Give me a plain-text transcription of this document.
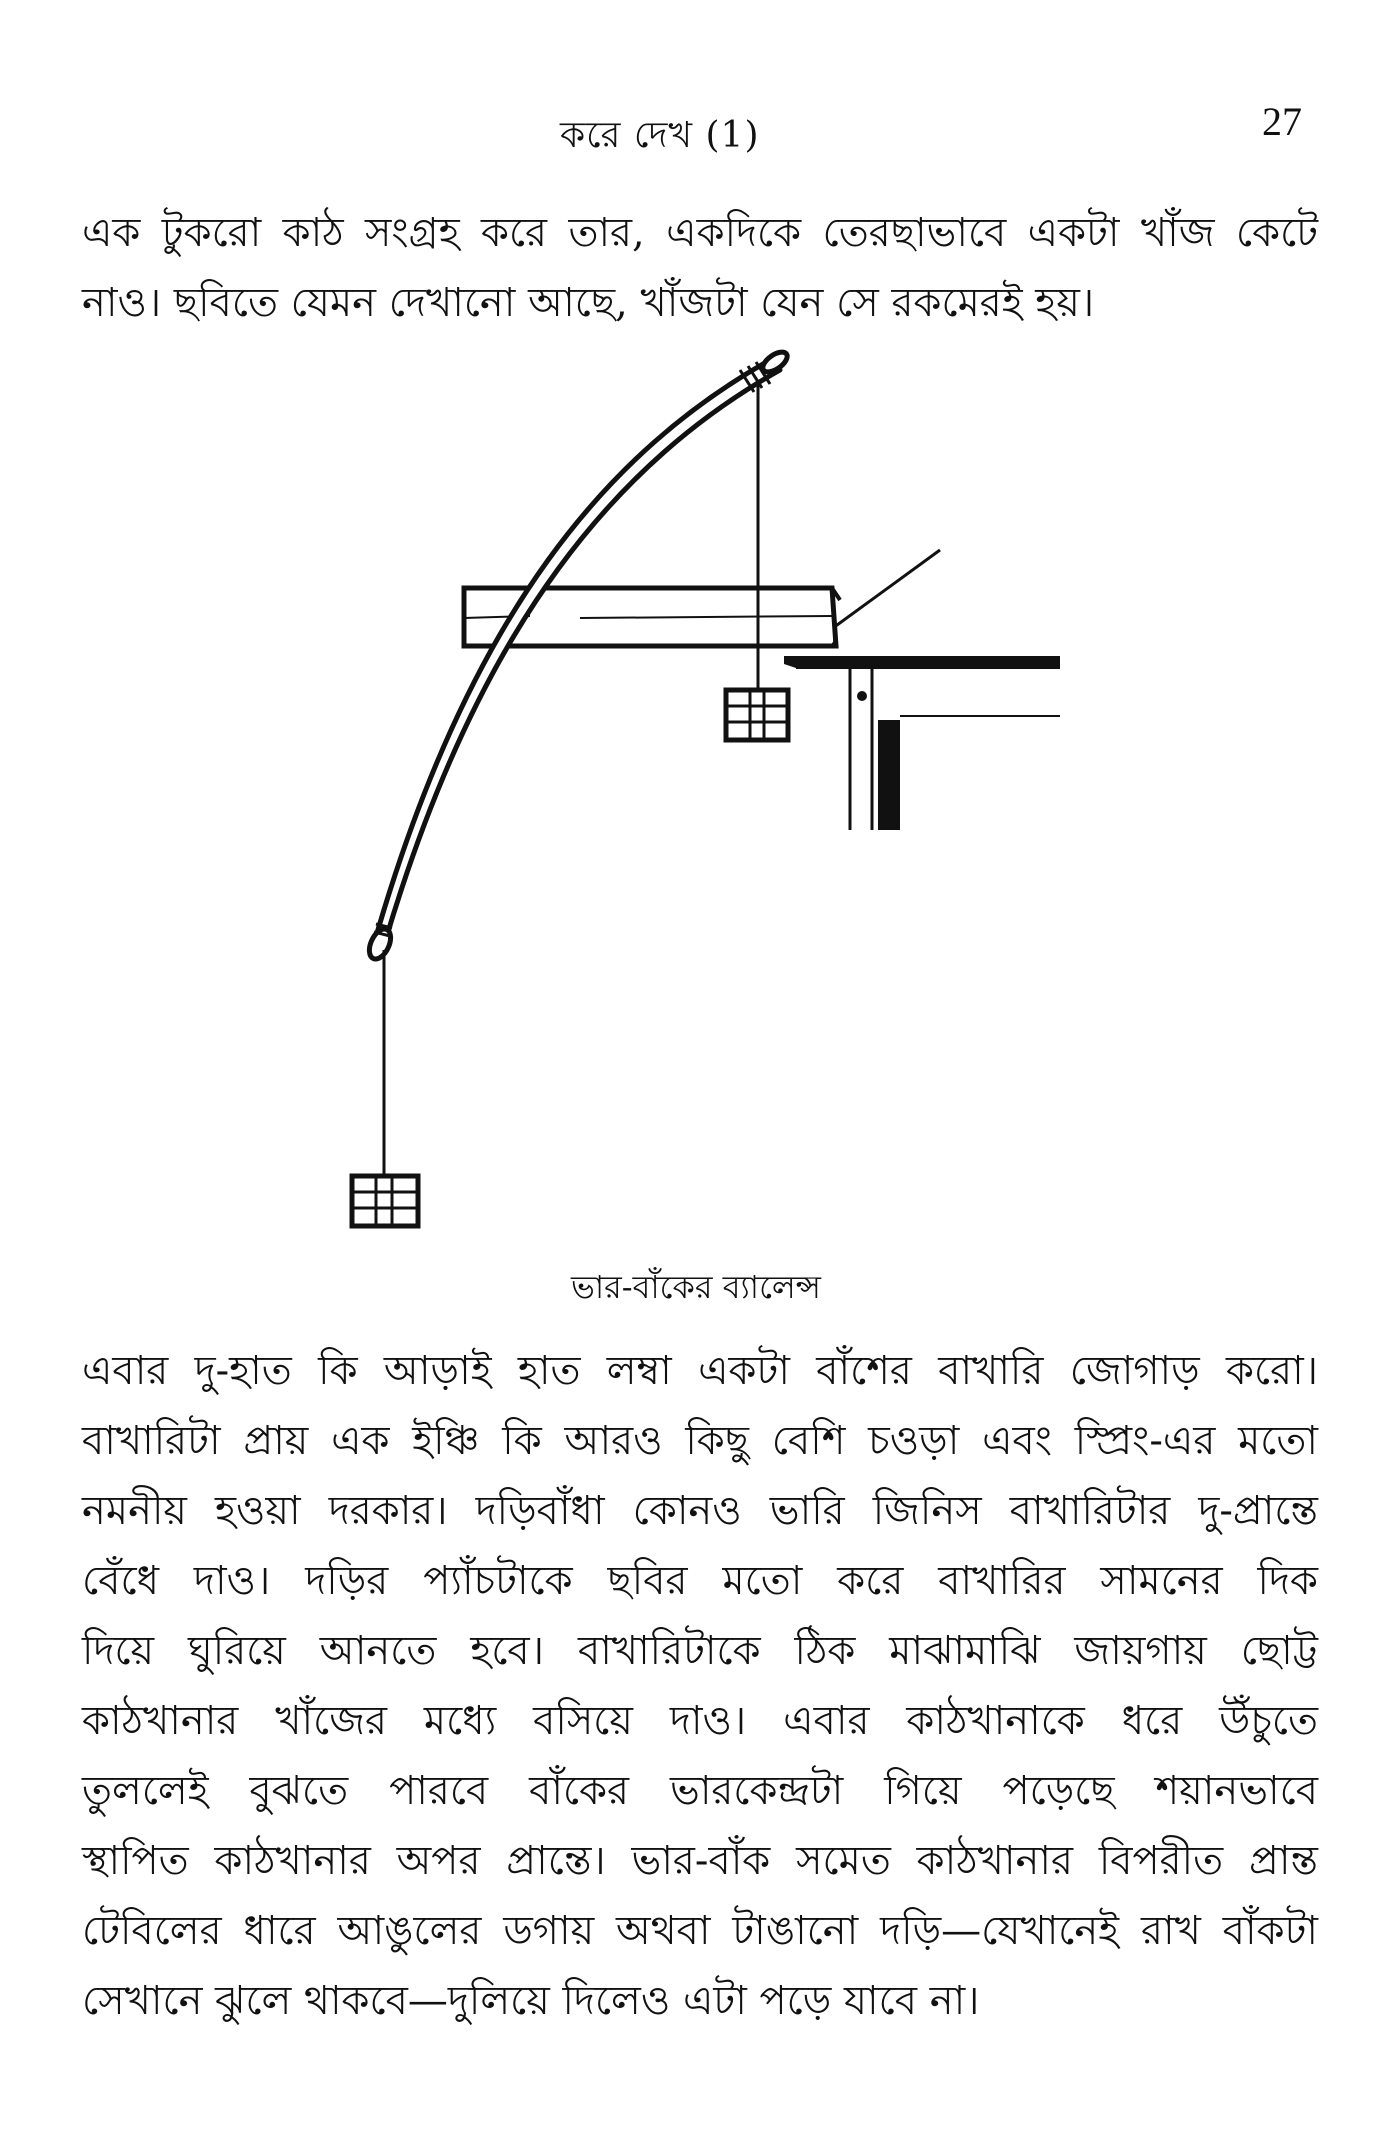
করে দেখ (1)	27
এক টুকরো কাঠ সংগ্রহ করে তার, একদিকে তেরছাভাবে একটা খাঁজ কেটে
নাও। ছবিতে যেমন দেখানো আছে, খাঁজটা যেন সে রকমেরই হয়।
ভার-বাঁকের ব্যালেন্স
এবার দু-হাত কি আড়াই হাত লম্বা একটা বাঁশের বাখারি জোগাড় করো।
বাখারিটা প্রায় এক ইঞ্চি কি আরও কিছু বেশি চওড়া এবং স্প্রিং-এর মতো
নমনীয় হওয়া দরকার। দড়িবাঁধা কোনও ভারি জিনিস বাখারিটার দু-প্রান্তে
বেঁধে দাও। দড়ির প্যাঁচটাকে ছবির মতো করে বাখারির সামনের দিক
দিয়ে ঘুরিয়ে আনতে হবে। বাখারিটাকে ঠিক মাঝামাঝি জায়গায় ছোট্ট
কাঠখানার খাঁজের মধ্যে বসিয়ে দাও। এবার কাঠখানাকে ধরে উঁচুতে
তুললেই বুঝতে পারবে বাঁকের ভারকেন্দ্রটা গিয়ে পড়েছে শয়ানভাবে
স্থাপিত কাঠখানার অপর প্রান্তে। ভার-বাঁক সমেত কাঠখানার বিপরীত প্রান্ত
টেবিলের ধারে আঙুলের ডগায় অথবা টাঙানো দড়ি—যেখানেই রাখ বাঁকটা
সেখানে ঝুলে থাকবে—দুলিয়ে দিলেও এটা পড়ে যাবে না।
